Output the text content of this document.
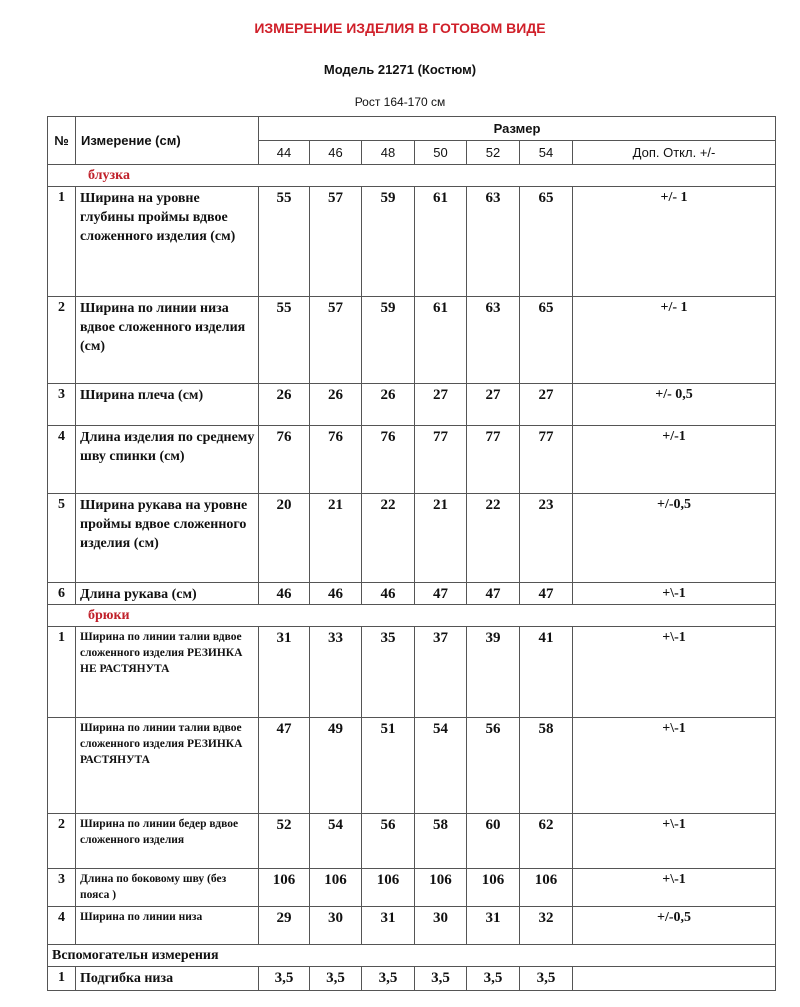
ИЗМЕРЕНИЕ ИЗДЕЛИЯ В ГОТОВОМ ВИДЕ
Модель 21271 (Костюм)
Рост 164-170 см
№	Измерение (см)	Размер						
		44	46	48	50	52	54	Доп. Откл. +/-
блузка								
1	Ширина на уровне глубины проймы вдвое сложенного изделия (см)	55	57	59	61	63	65	+/- 1
2	Ширина по линии низа вдвое сложенного изделия (см)	55	57	59	61	63	65	+/- 1
3	Ширина плеча (см)	26	26	26	27	27	27	+/- 0,5
4	Длина изделия по среднему шву спинки (см)	76	76	76	77	77	77	+/-1
5	Ширина рукава на уровне проймы вдвое сложенного изделия (см)	20	21	22	21	22	23	+/-0,5
6	Длина рукава (см)	46	46	46	47	47	47	+\-1
брюки								
1	Ширина по линии талии вдвое сложенного изделия РЕЗИНКА НЕ РАСТЯНУТА	31	33	35	37	39	41	+\-1
	Ширина по линии талии вдвое сложенного изделия РЕЗИНКА РАСТЯНУТА	47	49	51	54	56	58	+\-1
2	Ширина по линии бедер вдвое сложенного изделия	52	54	56	58	60	62	+\-1
3	Длина по боковому шву (без пояса )	106	106	106	106	106	106	+\-1
4	Ширина по линии низа	29	30	31	30	31	32	+/-0,5
Вспомогательн измерения								
1	Подгибка низа	3,5	3,5	3,5	3,5	3,5	3,5	
